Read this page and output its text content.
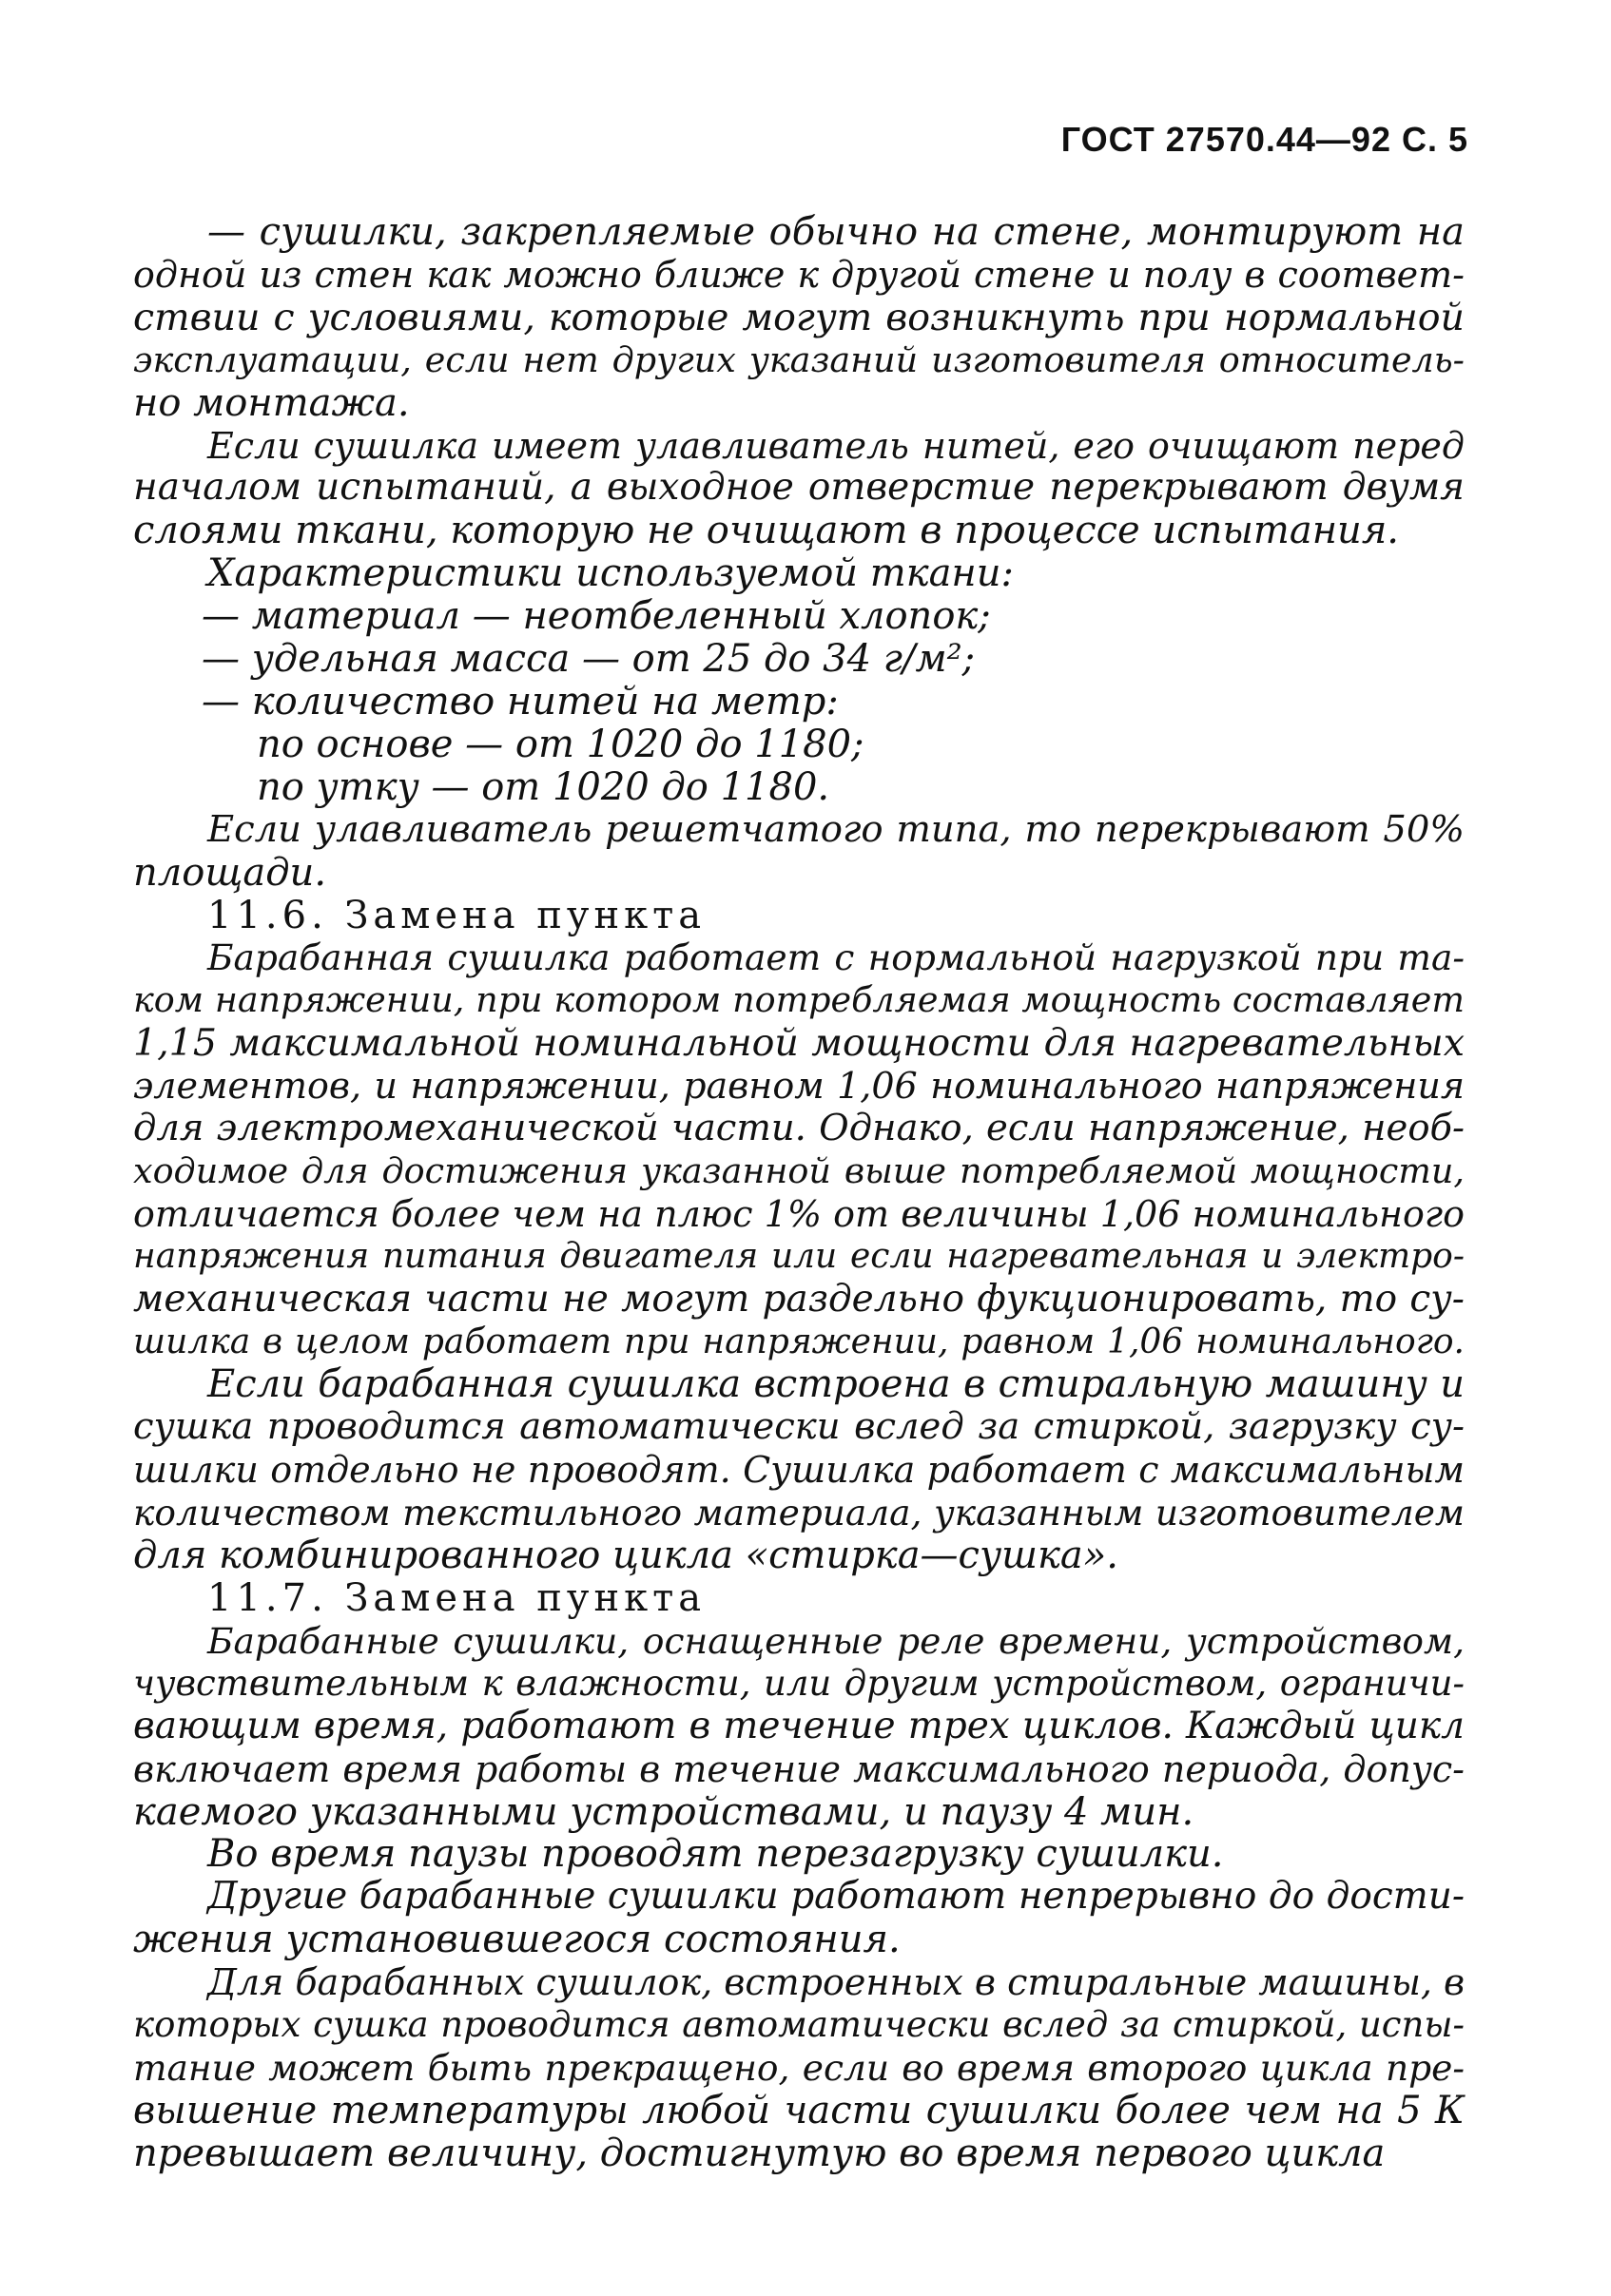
ГОСТ 27570.44—92 С. 5
— сушилки, закрепляемые обычно на стене, монтируют на
одной из стен как можно ближе к другой стене и полу в соответ-
ствии с условиями, которые могут возникнуть при нормальной
эксплуатации, если нет других указаний изготовителя относитель-
но монтажа.
Если сушилка имеет улавливатель нитей, его очищают перед
началом испытаний, а выходное отверстие перекрывают двумя
слоями ткани, которую не очищают в процессе испытания.
Характеристики используемой ткани:
— материал — неотбеленный хлопок;
— удельная масса — от 25 до 34 г/м²;
— количество нитей на метр:
по основе — от 1020 до 1180;
по утку — от 1020 до 1180.
Если улавливатель решетчатого типа, то перекрывают 50%
площади.
11.6. Замена пункта
Барабанная сушилка работает с нормальной нагрузкой при та-
ком напряжении, при котором потребляемая мощность составляет
1,15 максимальной номинальной мощности для нагревательных
элементов, и напряжении, равном 1,06 номинального напряжения
для электромеханической части. Однако, если напряжение, необ-
ходимое для достижения указанной выше потребляемой мощности,
отличается более чем на плюс 1% от величины 1,06 номинального
напряжения питания двигателя или если нагревательная и электро-
механическая части не могут раздельно фукционировать, то су-
шилка в целом работает при напряжении, равном 1,06 номинального.
Если барабанная сушилка встроена в стиральную машину и
сушка проводится автоматически вслед за стиркой, загрузку су-
шилки отдельно не проводят. Сушилка работает с максимальным
количеством текстильного материала, указанным изготовителем
для комбинированного цикла «стирка—сушка».
11.7. Замена пункта
Барабанные сушилки, оснащенные реле времени, устройством,
чувствительным к влажности, или другим устройством, ограничи-
вающим время, работают в течение трех циклов. Каждый цикл
включает время работы в течение максимального периода, допус-
каемого указанными устройствами, и паузу 4 мин.
Во время паузы проводят перезагрузку сушилки.
Другие барабанные сушилки работают непрерывно до дости-
жения установившегося состояния.
Для барабанных сушилок, встроенных в стиральные машины, в
которых сушка проводится автоматически вслед за стиркой, испы-
тание может быть прекращено, если во время второго цикла пре-
вышение температуры любой части сушилки более чем на 5 К
превышает величину, достигнутую во время первого цикла
